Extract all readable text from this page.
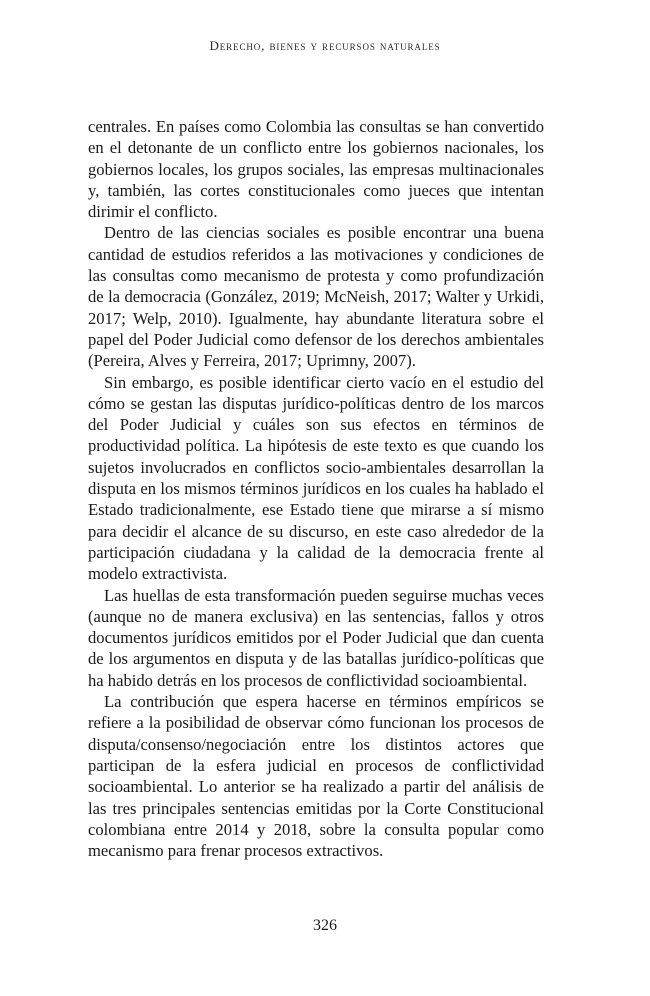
Derecho, bienes y recursos naturales

centrales. En países como Colombia las consultas se han convertido en el detonante de un conflicto entre los gobiernos nacionales, los gobiernos locales, los grupos sociales, las empresas multinacionales y, también, las cortes constitucionales como jueces que intentan dirimir el conflicto.

Dentro de las ciencias sociales es posible encontrar una buena cantidad de estudios referidos a las motivaciones y condiciones de las consultas como mecanismo de protesta y como profundización de la democracia (González, 2019; McNeish, 2017; Walter y Urkidi, 2017; Welp, 2010). Igualmente, hay abundante literatura sobre el papel del Poder Judicial como defensor de los derechos ambientales (Pereira, Alves y Ferreira, 2017; Uprimny, 2007).

Sin embargo, es posible identificar cierto vacío en el estudio del cómo se gestan las disputas jurídico-políticas dentro de los marcos del Poder Judicial y cuáles son sus efectos en términos de productividad política. La hipótesis de este texto es que cuando los sujetos involucrados en conflictos socio-ambientales desarrollan la disputa en los mismos términos jurídicos en los cuales ha hablado el Estado tradicionalmente, ese Estado tiene que mirarse a sí mismo para decidir el alcance de su discurso, en este caso alrededor de la participación ciudadana y la calidad de la democracia frente al modelo extractivista.

Las huellas de esta transformación pueden seguirse muchas veces (aunque no de manera exclusiva) en las sentencias, fallos y otros documentos jurídicos emitidos por el Poder Judicial que dan cuenta de los argumentos en disputa y de las batallas jurídico-políticas que ha habido detrás en los procesos de conflictividad socioambiental.

La contribución que espera hacerse en términos empíricos se refiere a la posibilidad de observar cómo funcionan los procesos de disputa/consenso/negociación entre los distintos actores que participan de la esfera judicial en procesos de conflictividad socioambiental. Lo anterior se ha realizado a partir del análisis de las tres principales sentencias emitidas por la Corte Constitucional colombiana entre 2014 y 2018, sobre la consulta popular como mecanismo para frenar procesos extractivos.

326
